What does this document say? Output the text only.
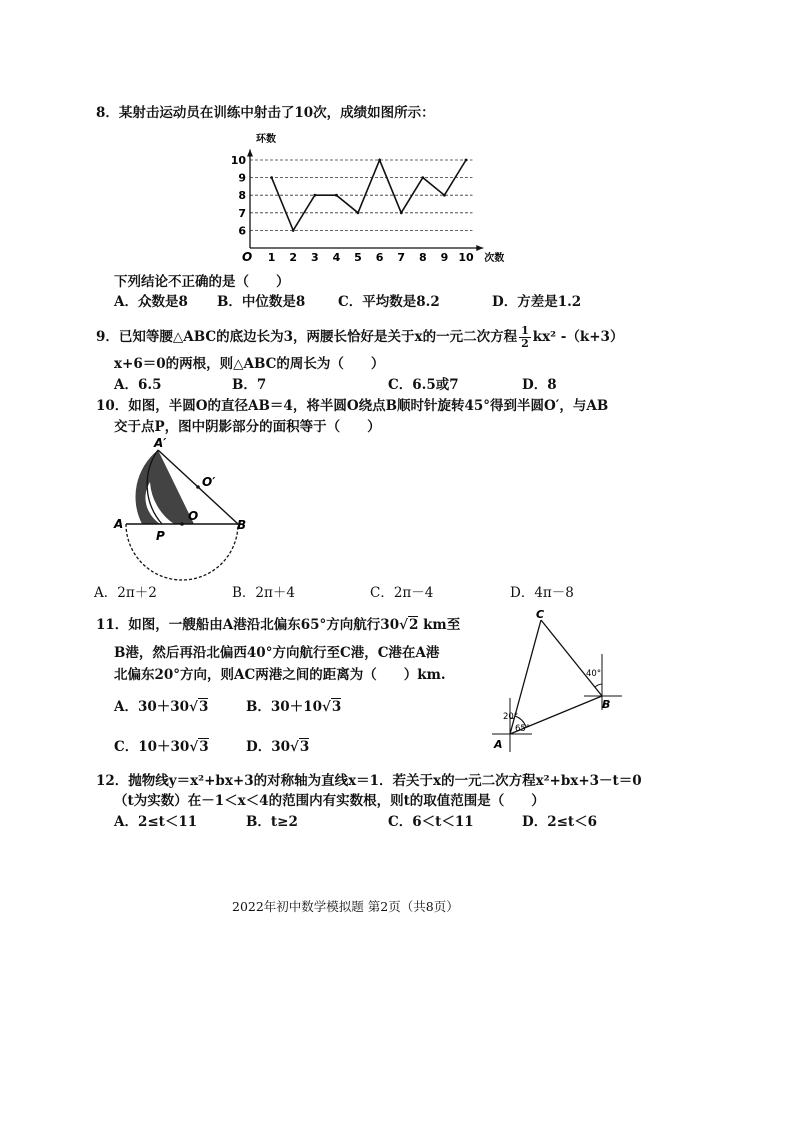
8．某射击运动员在训练中射击了10次，成绩如图所示：
6
7
8
9
10
环数
次数
O 1 2 3 4 5 6 7 8 9 10
下列结论不正确的是（　　）
A．众数是8 B．中位数是8 C．平均数是8.2	D．方差是1.2
9．已知等腰△ABC的底边长为3，两腰长恰好是关于x的一元二次方程 $\frac{1}{2} kx^2$ -（k+3）
x+6＝0的两根，则△ABC的周长为（　　）
A．6.5	B．7	C．6.5或7	D．8
10．如图，半圆O的直径AB＝4，将半圆O绕点B顺时针旋转45°得到半圆O′，与AB
交于点P，图中阴影部分的面积等于（　　）
A′
O′
A
O
B
P
A．2π＋2	B．2π＋4	C．2π－4	D．4π－8
11．如图，一艘船由A港沿北偏东65°方向航行30√2 km至
B港，然后再沿北偏西40°方向航行至C港，C港在A港
北偏东20°方向，则AC两港之间的距离为（　　）km.
A．30＋30√3	B．30＋10√3
C．10＋30√3	D．30√3
C
B
A
40°
20°
65°
12．抛物线y＝x²+bx+3的对称轴为直线x＝1．若关于x的一元二次方程x²+bx+3－t＝0
（t为实数）在－1＜x＜4的范围内有实数根，则t的取值范围是（　　）
A．2≤t＜11	B．t≥2	C．6＜t＜11	D．2≤t＜6
2022年初中数学模拟题 第2页（共8页）
